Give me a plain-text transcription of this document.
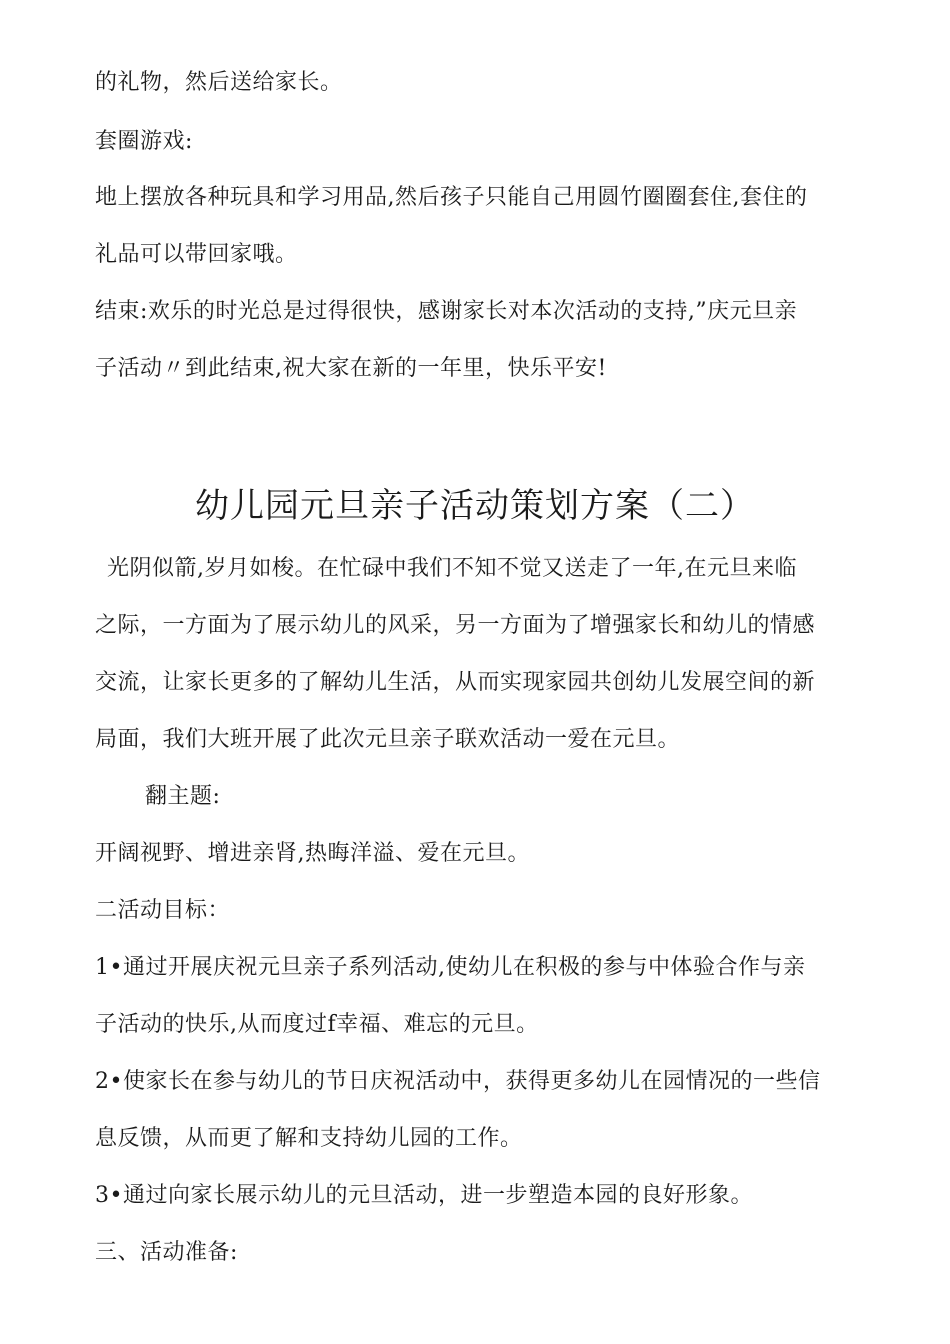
的礼物，然后送给家长。
套圈游戏:
地上摆放各种玩具和学习用品,然后孩子只能自己用圆竹圈圈套住,套住的
礼品可以带回家哦。
结束:欢乐的时光总是过得很快，感谢家长对本次活动的支持,”庆元旦亲
子活动〃到此结束,祝大家在新的一年里，快乐平安!
幼儿园元旦亲子活动策划方案（二）
光阴似箭,岁月如梭。在忙碌中我们不知不觉又送走了一年,在元旦来临
之际，一方面为了展示幼儿的风采，另一方面为了增强家长和幼儿的情感
交流，让家长更多的了解幼儿生活，从而实现家园共创幼儿发展空间的新
局面，我们大班开展了此次元旦亲子联欢活动一爱在元旦。
翻主题:
开阔视野、增进亲肾,热晦洋溢、爱在元旦。
二活动目标：
1•通过开展庆祝元旦亲子系列活动,使幼儿在积极的参与中体验合作与亲
子活动的快乐,从而度过f幸福、难忘的元旦。
2•使家长在参与幼儿的节日庆祝活动中，获得更多幼儿在园情况的一些信
息反馈，从而更了解和支持幼儿园的工作。
3•通过向家长展示幼儿的元旦活动，进一步塑造本园的良好形象。
三、活动准备:
